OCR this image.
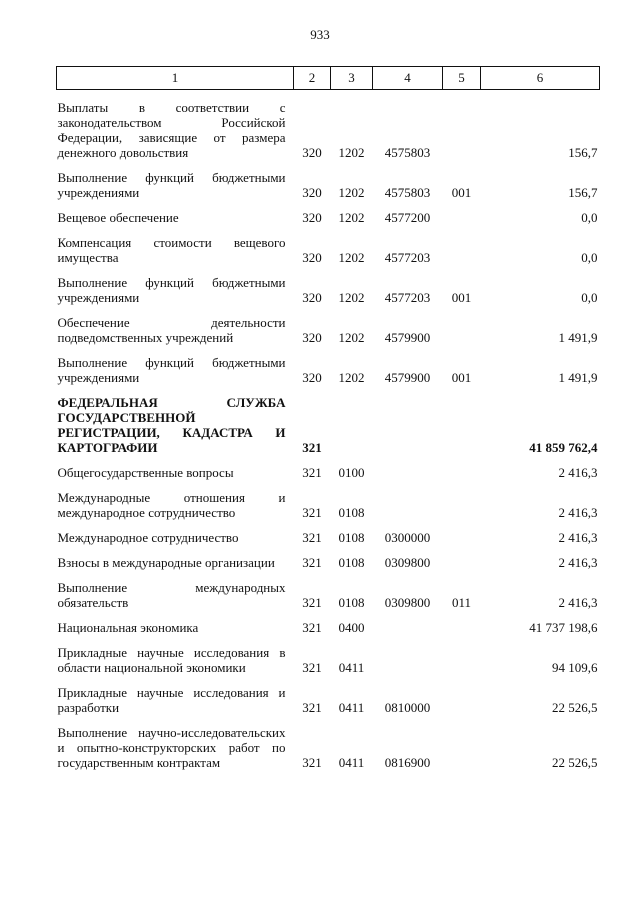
933
1	2	3	4	5	6

Выплаты в соответствии с законодательством Российской Федерации, зависящие от размера денежного довольствия	320	1202	4575803		156,7

Выполнение функций бюджетными учреждениями	320	1202	4575803	001	156,7

Вещевое обеспечение	320	1202	4577200		0,0

Компенсация стоимости вещевого имущества	320	1202	4577203		0,0

Выполнение функций бюджетными учреждениями	320	1202	4577203	001	0,0

Обеспечение деятельности подведомственных учреждений	320	1202	4579900		1 491,9

Выполнение функций бюджетными учреждениями	320	1202	4579900	001	1 491,9

ФЕДЕРАЛЬНАЯ СЛУЖБА ГОСУДАРСТВЕННОЙ РЕГИСТРАЦИИ, КАДАСТРА И КАРТОГРАФИИ	321				41 859 762,4

Общегосударственные вопросы	321	0100			2 416,3

Международные отношения и международное сотрудничество	321	0108			2 416,3

Международное сотрудничество	321	0108	0300000		2 416,3

Взносы в международные организации	321	0108	0309800		2 416,3

Выполнение международных обязательств	321	0108	0309800	011	2 416,3

Национальная экономика	321	0400			41 737 198,6

Прикладные научные исследования в области национальной экономики	321	0411			94 109,6

Прикладные научные исследования и разработки	321	0411	0810000		22 526,5

Выполнение научно-исследовательских и опытно-конструкторских работ по государственным контрактам	321	0411	0816900		22 526,5
